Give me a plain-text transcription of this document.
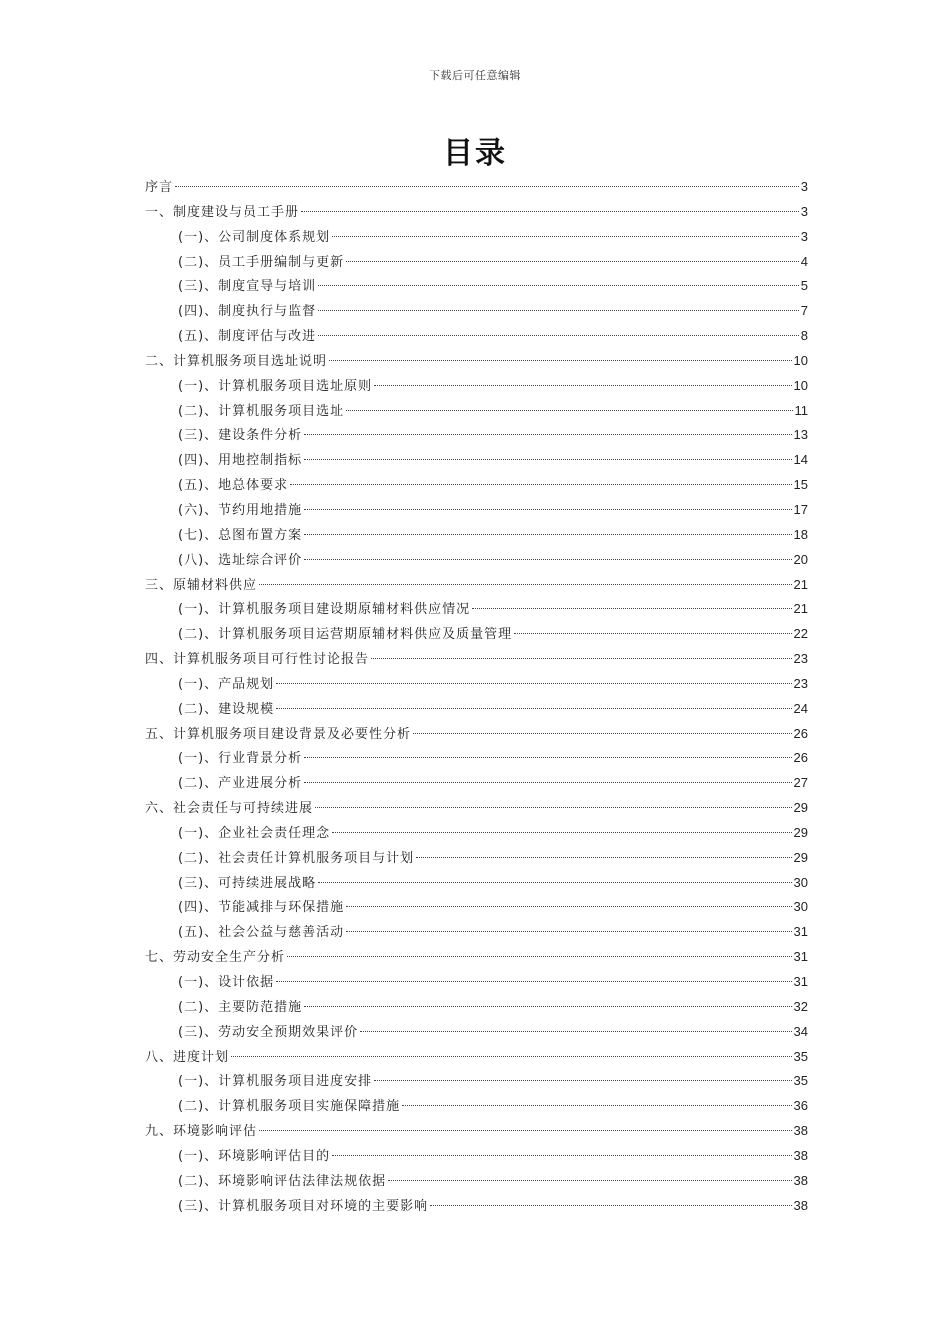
下载后可任意编辑
目录
序言	3
一、制度建设与员工手册	3
(一)、公司制度体系规划	3
(二)、员工手册编制与更新	4
(三)、制度宣导与培训	5
(四)、制度执行与监督	7
(五)、制度评估与改进	8
二、计算机服务项目选址说明	10
(一)、计算机服务项目选址原则	10
(二)、计算机服务项目选址	11
(三)、建设条件分析	13
(四)、用地控制指标	14
(五)、地总体要求	15
(六)、节约用地措施	17
(七)、总图布置方案	18
(八)、选址综合评价	20
三、原辅材料供应	21
(一)、计算机服务项目建设期原辅材料供应情况	21
(二)、计算机服务项目运营期原辅材料供应及质量管理	22
四、计算机服务项目可行性讨论报告	23
(一)、产品规划	23
(二)、建设规模	24
五、计算机服务项目建设背景及必要性分析	26
(一)、行业背景分析	26
(二)、产业进展分析	27
六、社会责任与可持续进展	29
(一)、企业社会责任理念	29
(二)、社会责任计算机服务项目与计划	29
(三)、可持续进展战略	30
(四)、节能减排与环保措施	30
(五)、社会公益与慈善活动	31
七、劳动安全生产分析	31
(一)、设计依据	31
(二)、主要防范措施	32
(三)、劳动安全预期效果评价	34
八、进度计划	35
(一)、计算机服务项目进度安排	35
(二)、计算机服务项目实施保障措施	36
九、环境影响评估	38
(一)、环境影响评估目的	38
(二)、环境影响评估法律法规依据	38
(三)、计算机服务项目对环境的主要影响	38
